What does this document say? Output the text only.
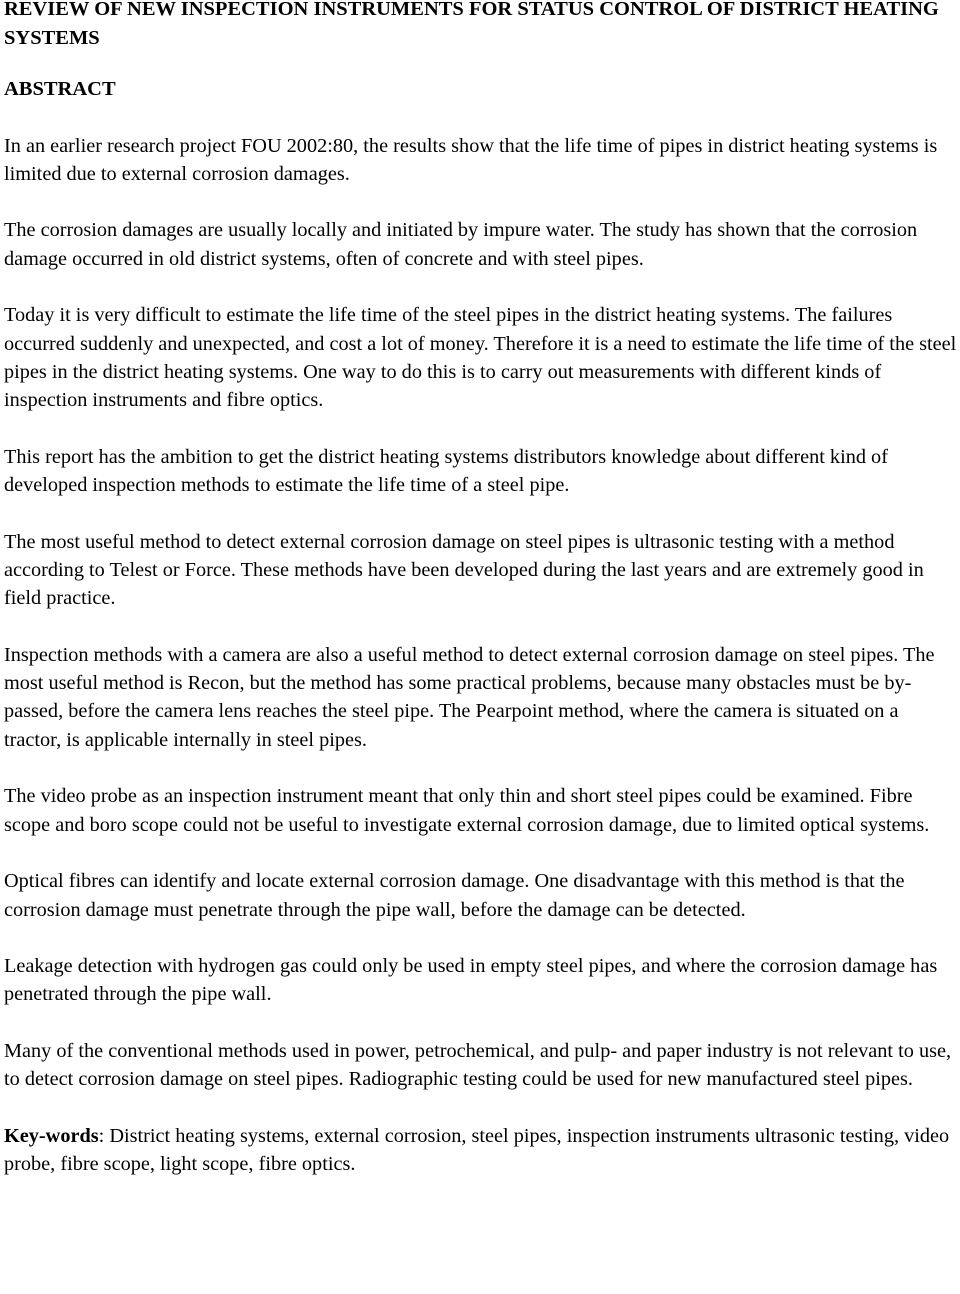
REVIEW OF NEW INSPECTION INSTRUMENTS FOR STATUS CONTROL OF DISTRICT HEATING SYSTEMS
ABSTRACT

In an earlier research project FOU 2002:80, the results show that the life time of pipes in district heating systems is limited due to external corrosion damages.

The corrosion damages are usually locally and initiated by impure water. The study has shown that the corrosion damage occurred in old district systems, often of concrete and with steel pipes.

Today it is very difficult to estimate the life time of the steel pipes in the district heating systems. The failures occurred suddenly and unexpected, and cost a lot of money. Therefore it is a need to estimate the life time of the steel pipes in the district heating systems. One way to do this is to carry out measurements with different kinds of inspection instruments and fibre optics.

This report has the ambition to get the district heating systems distributors knowledge about different kind of developed inspection methods to estimate the life time of a steel pipe.

The most useful method to detect external corrosion damage on steel pipes is ultrasonic testing with a method according to Telest or Force. These methods have been developed during the last years and are extremely good in field practice.

Inspection methods with a camera are also a useful method to detect external corrosion damage on steel pipes. The most useful method is Recon, but the method has some practical problems, because many obstacles must be by-passed, before the camera lens reaches the steel pipe. The Pearpoint method, where the camera is situated on a tractor, is applicable internally in steel pipes.

The video probe as an inspection instrument meant that only thin and short steel pipes could be examined. Fibre scope and boro scope could not be useful to investigate external corrosion damage, due to limited optical systems.

Optical fibres can identify and locate external corrosion damage. One disadvantage with this method is that the corrosion damage must penetrate through the pipe wall, before the damage can be detected.

Leakage detection with hydrogen gas could only be used in empty steel pipes, and where the corrosion damage has penetrated through the pipe wall.

Many of the conventional methods used in power, petrochemical, and pulp- and paper industry is not relevant to use, to detect corrosion damage on steel pipes. Radiographic testing could be used for new manufactured steel pipes.

Key-words: District heating systems, external corrosion, steel pipes, inspection instruments ultrasonic testing, video probe, fibre scope, light scope, fibre optics.
